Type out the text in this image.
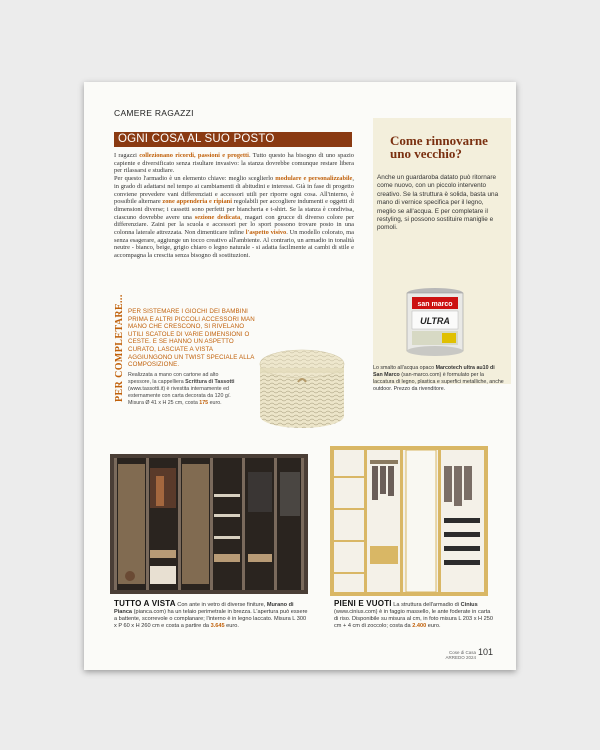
CAMERE RAGAZZI
OGNI COSA AL SUO POSTO

I ragazzi collezionano ricordi, passioni e progetti. Tutto questo ha bisogno di uno spazio capiente e diversificato senza risultare invasivo: la stanza dovrebbe comunque restare libera per rilassarsi e studiare.

Per questo l'armadio è un elemento chiave: meglio sceglierlo modulare e personalizzabile, in grado di adattarsi nel tempo ai cambiamenti di abitudini e interessi. Già in fase di progetto conviene prevedere vani differenziati e accessori utili per riporre ogni cosa. All'interno, è possibile alternare zone appenderia e ripiani regolabili per accogliere indumenti e oggetti di dimensioni diverse; i cassetti sono perfetti per biancheria e t-shirt. Se la stanza è condivisa, ciascuno dovrebbe avere una sezione dedicata, magari con grucce di diverso colore per differenziare. Zaini per la scuola e accessori per lo sport possono trovare posto in una colonna laterale attrezzata. Non dimenticare infine l'aspetto visivo. Un modello colorato, ma senza esagerare, aggiunge un tocco creativo all'ambiente. Al contrario, un armadio in tonalità neutre - bianco, beige, grigio chiaro o legno naturale - si adatta facilmente ai cambi di stile e accompagna la crescita senza bisogno di sostituzioni.

Come rinnovarne uno vecchio?
Anche un guardaroba datato può ritornare come nuovo, con un piccolo intervento creativo. Se la struttura è solida, basta una mano di vernice specifica per il legno, meglio se all'acqua. E per completare il restyling, si possono sostituire maniglie e pomoli.
san marco
ULTRA
Lo smalto all'acqua opaco Marcotech ultra au10 di San Marco (san-marco.com) è formulato per la laccatura di legno, plastica e superfici metalliche, anche outdoor. Prezzo da rivenditore.
PER COMPLETARE... PER SISTEMARE I GIOCHI DEI BAMBINI PRIMA E ALTRI PICCOLI ACCESSORI MAN MANO CHE CRESCONO, SI RIVELANO UTILI SCATOLE DI VARIE DIMENSIONI O CESTE. E SE HANNO UN ASPETTO CURATO, LASCIATE A VISTA AGGIUNGONO UN TWIST SPECIALE ALLA COMPOSIZIONE.
Realizzata a mano con cartone ad alto spessore, la cappelliera Scrittura di Tassotti (www.tassotti.it) è rivestita internamente ed esternamente con carta decorata da 120 g/. Misura Ø 41 x H 25 cm, costa 175 euro.
TUTTO A VISTA Con ante in vetro di diverse finiture, Murano di Pianca (pianca.com) ha un telaio perimetrale in brezza. L'apertura può essere a battente, scorrevole o complanare; l'interno è in legno laccato. Misura L 300 x P 60 x H 260 cm e costa a partire da 3.645 euro.
PIENI E VUOTI La struttura dell'armadio di Cinius (www.cinius.com) è in faggio massello, le ante foderate in carta di riso. Disponibile su misura al cm, in foto misura L 203 x H 250 cm + 4 cm di zoccolo; costa da 2.400 euro.
Cose di Casa
ARREDO 2024
101
